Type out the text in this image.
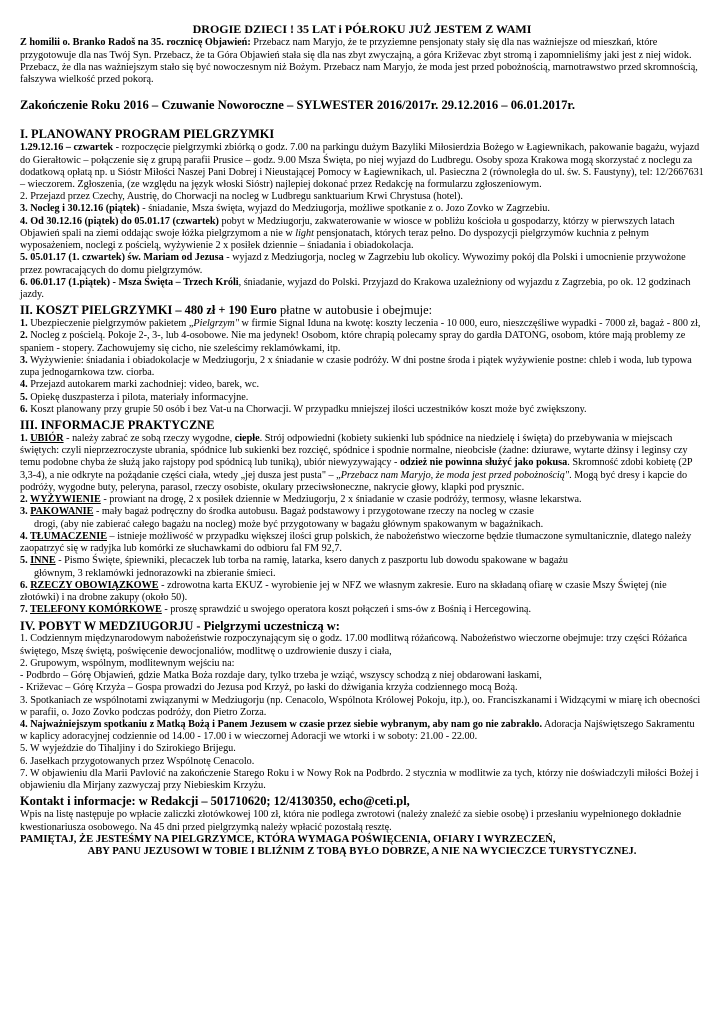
DROGIE DZIECI ! 35 LAT i PÓŁROKU JUŻ JESTEM Z WAMI

Z homilii o. Branko Radoš na 35. rocznicę Objawień: Przebacz nam Maryjo, że te przyziemne pensjonaty stały się dla nas ważniejsze od mieszkań, które przygotowuje dla nas Twój Syn. Przebacz, że ta Góra Objawień stała się dla nas zbyt zwyczajną, a góra Križevac zbyt stromą i zapomnieliśmy jaki jest z niej widok. Przebacz, że dla nas ważniejszym stało się być nowoczesnym niż Bożym. Przebacz nam Maryjo, że moda jest przed pobożnością, marnotrawstwo przed skromnością, fałszywa wielkość przed pokorą.

Zakończenie Roku 2016 – Czuwanie Noworoczne – SYLWESTER 2016/2017r. 29.12.2016 – 06.01.2017r.

I. PLANOWANY PROGRAM PIELGRZYMKI

1.29.12.16 – czwartek - rozpoczęcie pielgrzymki zbiórką o godz. 7.00 na parkingu dużym Bazyliki Miłosierdzia Bożego w Łagiewnikach, pakowanie bagażu, wyjazd do Gierałtowic – połączenie się z grupą parafii Prusice – godz. 9.00 Msza Święta, po niej wyjazd do Ludbregu. Osoby spoza Krakowa mogą skorzystać z noclegu za dodatkową opłatą np. u Sióstr Miłości Naszej Pani Dobrej i Nieustającej Pomocy w Łagiewnikach, ul. Pasieczna 2 (równoległa do ul. św. S. Faustyny), tel: 12/2667631 – wieczorem. Zgłoszenia, (ze względu na język włoski Sióstr) najlepiej dokonać przez Redakcję na formularzu zgłoszeniowym.

2. Przejazd przez Czechy, Austrię, do Chorwacji na nocleg w Ludbregu sanktuarium Krwi Chrystusa (hotel).

3. Nocleg i 30.12.16 (piątek) - śniadanie, Msza święta, wyjazd do Medziugorja, możliwe spotkanie z o. Jozo Zovko w Zagrzebiu.

4. Od 30.12.16 (piątek) do 05.01.17 (czwartek) pobyt w Medziugorju, zakwaterowanie w wiosce w pobliżu kościoła u gospodarzy, którzy w pierwszych latach Objawień spali na ziemi oddając swoje łóżka pielgrzymom a nie w light pensjonatach, których teraz pełno. Do dyspozycji pielgrzymów kuchnia z pełnym wyposażeniem, noclegi z pościelą, wyżywienie 2 x posiłek dziennie – śniadania i obiadokolacja.

5. 05.01.17 (1. czwartek) św. Mariam od Jezusa - wyjazd z Medziugorja, nocleg w Zagrzebiu lub okolicy. Wywozimy pokój dla Polski i umocnienie przywożone przez powracających do domu pielgrzymów.

6. 06.01.17 (1.piątek) - Msza Święta – Trzech Króli, śniadanie, wyjazd do Polski. Przyjazd do Krakowa uzależniony od wyjazdu z Zagrzebia, po ok. 12 godzinach jazdy.

II. KOSZT PIELGRZYMKI – 480 zł + 190 Euro płatne w autobusie i obejmuje:

1. Ubezpieczenie pielgrzymów pakietem „Pielgrzym" w firmie Signal Iduna na kwotę: koszty leczenia - 10 000, euro, nieszczęśliwe wypadki - 7000 zł, bagaż - 800 zł,

2. Nocleg z pościelą. Pokoje 2-, 3-, lub 4-osobowe. Nie ma jedynek! Osobom, które chrapią polecamy spray do gardła DATONG, osobom, które mają problemy ze spaniem - stopery. Zachowujemy się cicho, nie szeleścimy reklamówkami, itp.

3. Wyżywienie: śniadania i obiadokolacje w Medziugorju, 2 x śniadanie w czasie podróży. W dni postne środa i piątek wyżywienie postne: chleb i woda, lub typowa zupa jednogarnkowa tzw. ciorba.

4. Przejazd autokarem marki zachodniej: video, barek, wc.

5. Opiekę duszpasterza i pilota, materiały informacyjne.

6. Koszt planowany przy grupie 50 osób i bez Vat-u na Chorwacji. W przypadku mniejszej ilości uczestników koszt może być zwiększony.

III. INFORMACJE PRAKTYCZNE

1. UBIÓR - należy zabrać ze sobą rzeczy wygodne, ciepłe. Strój odpowiedni (kobiety sukienki lub spódnice na niedzielę i święta) do przebywania w miejscach świętych: czyli nieprzezroczyste ubrania, spódnice lub sukienki bez rozcięć, spódnice i spodnie normalne, nieobcisłe (żadne: dziurawe, wytarte dżinsy i leginsy czy temu podobne chyba że służą jako rajstopy pod spódnicą lub tuniką), ubiór niewyzywający - odzież nie powinna służyć jako pokusa. Skromność zdobi kobietę (2P 3,3-4), a nie odkryte na pożądanie części ciała, wtedy „jej dusza jest pusta" – „Przebacz nam Maryjo, że moda jest przed pobożnością". Mogą być dresy i kapcie do podróży, wygodne buty, peleryna, parasol, rzeczy osobiste, okulary przeciwsłoneczne, nakrycie głowy, klapki pod prysznic.

2. WYŻYWIENIE - prowiant na drogę, 2 x posiłek dziennie w Medziugorju, 2 x śniadanie w czasie podróży, termosy, własne lekarstwa.

3. PAKOWANIE - mały bagaż podręczny do środka autobusu. Bagaż podstawowy i przygotowane rzeczy na nocleg w czasie

drogi, (aby nie zabierać całego bagażu na nocleg) może być przygotowany w bagażu głównym spakowanym w bagażnikach.

4. TŁUMACZENIE – istnieje możliwość w przypadku większej ilości grup polskich, że nabożeństwo wieczorne będzie tłumaczone symultanicznie, dlatego należy zaopatrzyć się w radyjka lub komórki ze słuchawkami do odbioru fal FM 92,7.

5. INNE - Pismo Święte, śpiewniki, plecaczek lub torba na ramię, latarka, ksero danych z paszportu lub dowodu spakowane w bagażu

głównym, 3 reklamówki jednorazowki na zbieranie śmieci.

6. RZECZY OBOWIĄZKOWE - zdrowotna karta EKUZ - wyrobienie jej w NFZ we własnym zakresie. Euro na składaną ofiarę w czasie Mszy Świętej (nie złotówki) i na drobne zakupy (około 50).

7. TELEFONY KOMÓRKOWE - proszę sprawdzić u swojego operatora koszt połączeń i sms-ów z Bośnią i Hercegowiną.

IV. POBYT W MEDZIUGORJU - Pielgrzymi uczestniczą w:

1. Codziennym międzynarodowym nabożeństwie rozpoczynającym się o godz. 17.00 modlitwą różańcową. Nabożeństwo wieczorne obejmuje: trzy części Różańca świętego, Mszę świętą, poświęcenie dewocjonaliów, modlitwę o uzdrowienie duszy i ciała,

2. Grupowym, wspólnym, modlitewnym wejściu na:

- Podbrdo – Górę Objawień, gdzie Matka Boża rozdaje dary, tylko trzeba je wziąć, wszyscy schodzą z niej obdarowani łaskami,

- Križevac – Górę Krzyża – Gospa prowadzi do Jezusa pod Krzyż, po łaski do dźwigania krzyża codziennego mocą Bożą.

3. Spotkaniach ze wspólnotami związanymi w Medziugorju (np. Cenacolo, Wspólnota Królowej Pokoju, itp.), oo. Franciszkanami i Widzącymi w miarę ich obecności w parafii, o. Jozo Zovko podczas podróży, don Pietro Zorza.

4. Najważniejszym spotkaniu z Matką Bożą i Panem Jezusem w czasie przez siebie wybranym, aby nam go nie zabrakło. Adoracja Najświętszego Sakramentu w kaplicy adoracyjnej codziennie od 14.00 - 17.00 i w wieczornej Adoracji we wtorki i w soboty: 21.00 - 22.00.

5. W wyjeździe do Tihaljiny i do Szirokiego Brijegu.

6. Jasełkach przygotowanych przez Wspólnotę Cenacolo.

7. W objawieniu dla Marii Pavlović na zakończenie Starego Roku i w Nowy Rok na Podbrdo. 2 stycznia w modlitwie za tych, którzy nie doświadczyli miłości Bożej i objawieniu dla Mirjany zazwyczaj przy Niebieskim Krzyżu.

Kontakt i informacje: w Redakcji – 501710620; 12/4130350, echo@ceti.pl,

Wpis na listę następuje po wpłacie zaliczki złotówkowej 100 zł, która nie podlega zwrotowi (należy znaleźć za siebie osobę) i przesłaniu wypełnionego dokładnie kwestionariusza osobowego. Na 45 dni przed pielgrzymką należy wpłacić pozostałą resztę.

PAMIĘTAJ, ŻE JESTEŚMY NA PIELGRZYMCE, KTÓRA WYMAGA POŚWIĘCENIA, OFIARY I WYRZECZEŃ,

ABY PANU JEZUSOWI W TOBIE I BLIŹNIM Z TOBĄ BYŁO DOBRZE, A NIE NA WYCIECZCE TURYSTYCZNEJ.
